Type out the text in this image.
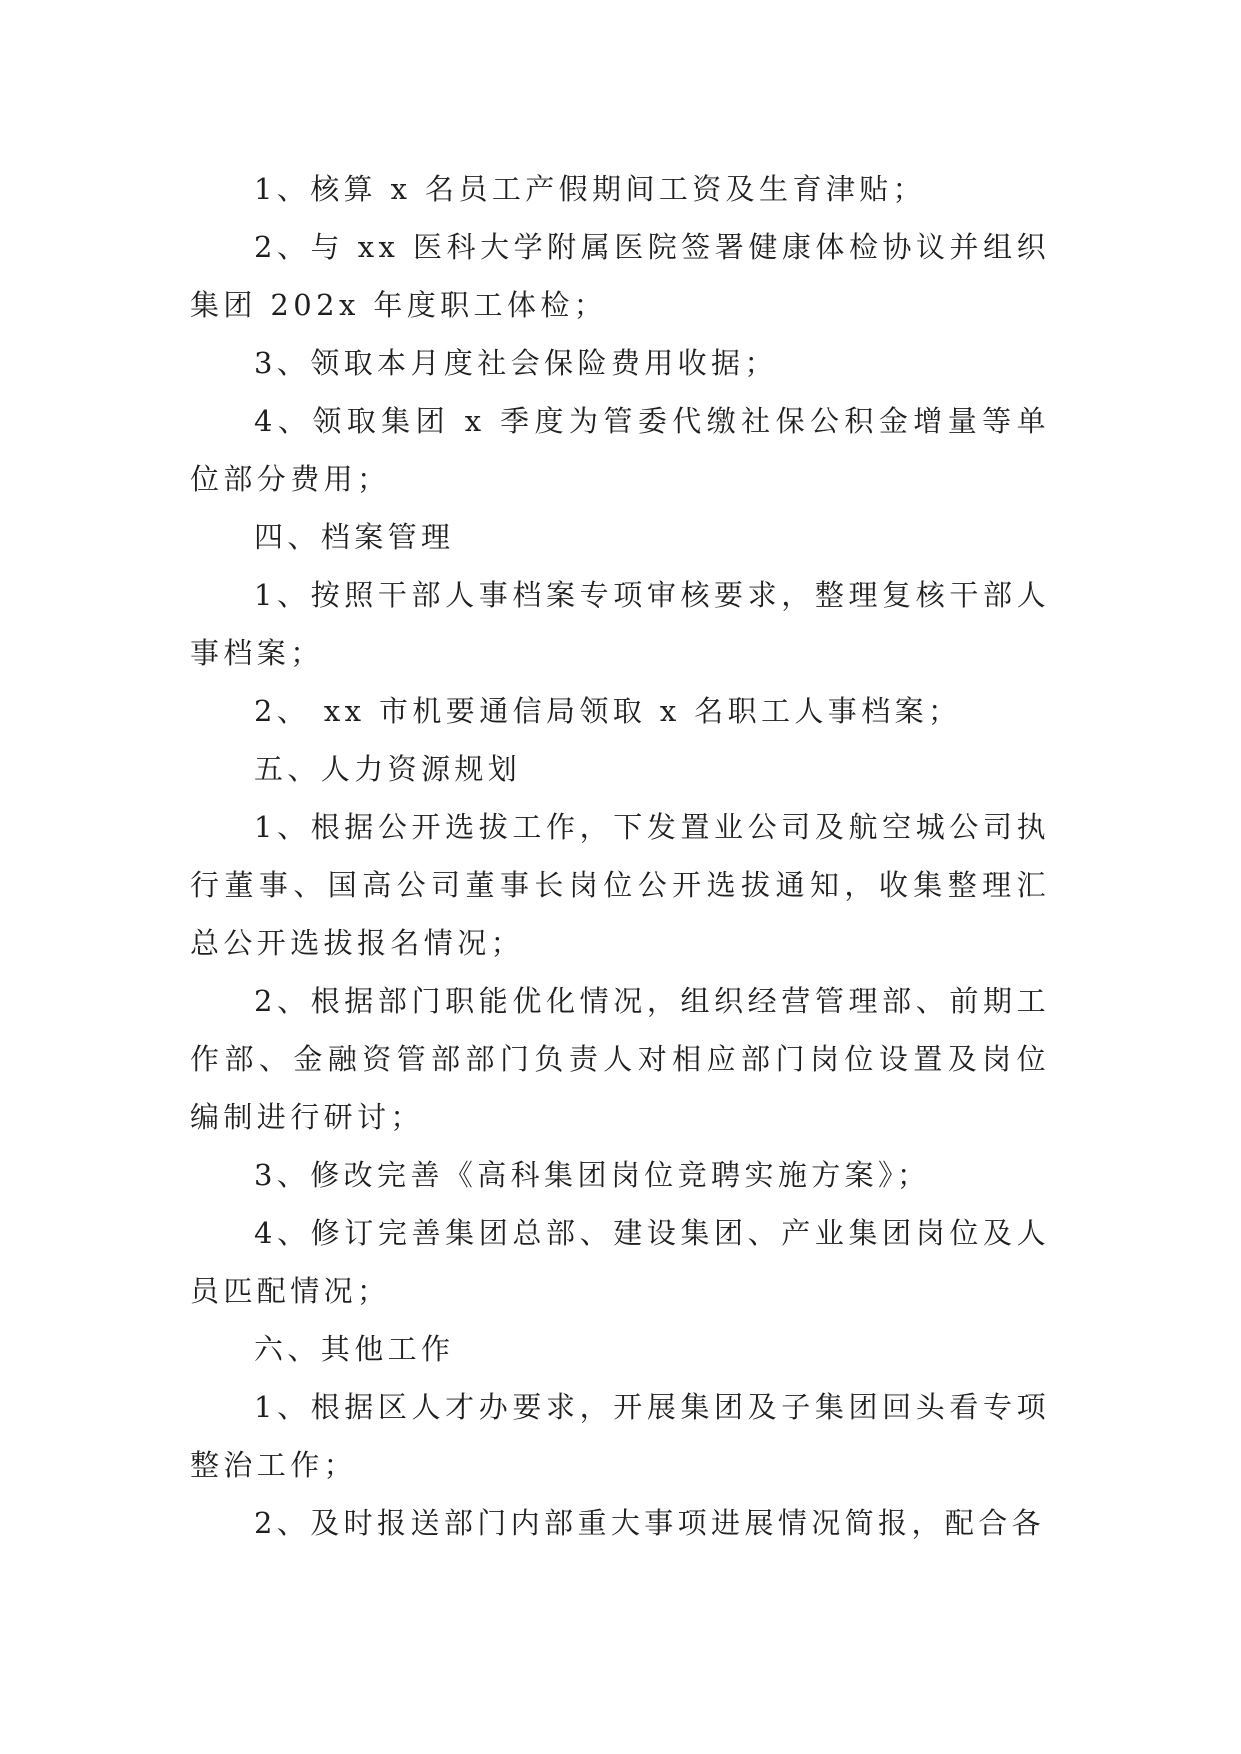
1、核算 x 名员工产假期间工资及生育津贴；

2、与 xx 医科大学附属医院签署健康体检协议并组织集团 202x 年度职工体检；

3、领取本月度社会保险费用收据；

4、领取集团 x 季度为管委代缴社保公积金增量等单位部分费用；

四、档案管理

1、按照干部人事档案专项审核要求，整理复核干部人事档案；

2、 xx 市机要通信局领取 x 名职工人事档案；

五、人力资源规划

1、根据公开选拔工作，下发置业公司及航空城公司执行董事、国高公司董事长岗位公开选拔通知，收集整理汇总公开选拔报名情况；

2、根据部门职能优化情况，组织经营管理部、前期工作部、金融资管部部门负责人对相应部门岗位设置及岗位编制进行研讨；

3、修改完善《高科集团岗位竞聘实施方案》；

4、修订完善集团总部、建设集团、产业集团岗位及人员匹配情况；

六、其他工作

1、根据区人才办要求，开展集团及子集团回头看专项整治工作；

2、及时报送部门内部重大事项进展情况简报，配合各
